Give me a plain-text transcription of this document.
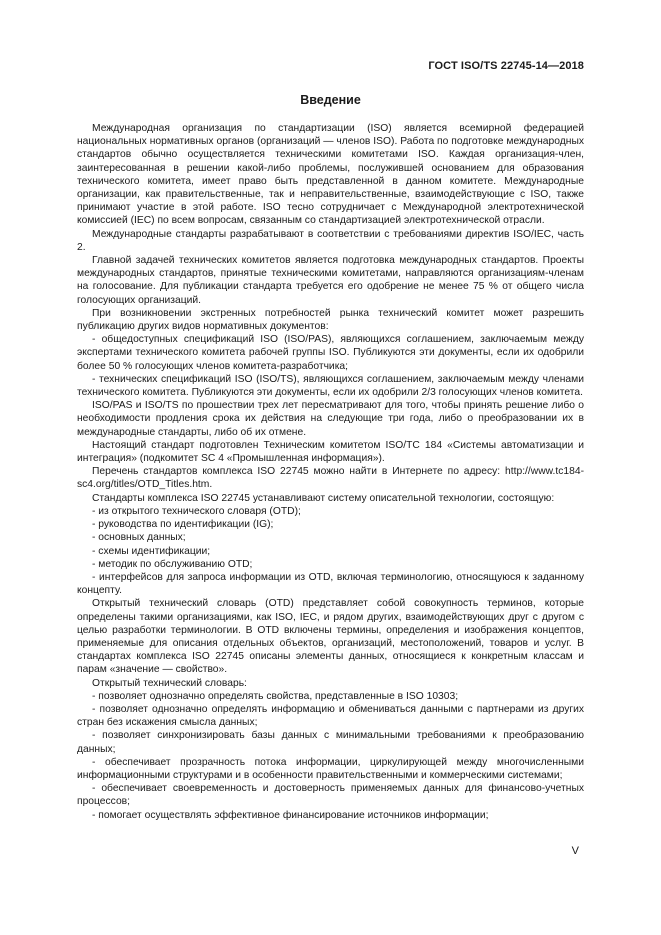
ГОСТ ISO/TS 22745-14—2018
Введение

Международная организация по стандартизации (ISO) является всемирной федерацией национальных нормативных органов (организаций — членов ISO). Работа по подготовке международных стандартов обычно осуществляется техническими комитетами ISO. Каждая организация-член, заинтересованная в решении какой-либо проблемы, послужившей основанием для образования технического комитета, имеет право быть представленной в данном комитете. Международные организации, как правительственные, так и неправительственные, взаимодействующие с ISO, также принимают участие в этой работе. ISO тесно сотрудничает с Международной электротехнической комиссией (IEC) по всем вопросам, связанным со стандартизацией электротехнической отрасли.

Международные стандарты разрабатывают в соответствии с требованиями директив ISO/IEC, часть 2.

Главной задачей технических комитетов является подготовка международных стандартов. Проекты международных стандартов, принятые техническими комитетами, направляются организациям-членам на голосование. Для публикации стандарта требуется его одобрение не менее 75 % от общего числа голосующих организаций.

При возникновении экстренных потребностей рынка технический комитет может разрешить публикацию других видов нормативных документов:

- общедоступных спецификаций ISO (ISO/PAS), являющихся соглашением, заключаемым между экспертами технического комитета рабочей группы ISO. Публикуются эти документы, если их одобрили более 50 % голосующих членов комитета-разработчика;

- технических спецификаций ISO (ISO/TS), являющихся соглашением, заключаемым между членами технического комитета. Публикуются эти документы, если их одобрили 2/3 голосующих членов комитета.

ISO/PAS и ISO/TS по прошествии трех лет пересматривают для того, чтобы принять решение либо о необходимости продления срока их действия на следующие три года, либо о преобразовании их в международные стандарты, либо об их отмене.

Настоящий стандарт подготовлен Техническим комитетом ISO/TC 184 «Системы автоматизации и интеграция» (подкомитет SC 4 «Промышленная информация»).

Перечень стандартов комплекса ISO 22745 можно найти в Интернете по адресу: http://www.tc184-sc4.org/titles/OTD_Titles.htm.

Стандарты комплекса ISO 22745 устанавливают систему описательной технологии, состоящую:

- из открытого технического словаря (OTD);

- руководства по идентификации (IG);

- основных данных;

- схемы идентификации;

- методик по обслуживанию OTD;

- интерфейсов для запроса информации из OTD, включая терминологию, относящуюся к заданному концепту.

Открытый технический словарь (OTD) представляет собой совокупность терминов, которые определены такими организациями, как ISO, IEC, и рядом других, взаимодействующих друг с другом с целью разработки терминологии. В OTD включены термины, определения и изображения концептов, применяемые для описания отдельных объектов, организаций, местоположений, товаров и услуг. В стандартах комплекса ISO 22745 описаны элементы данных, относящиеся к конкретным классам и парам «значение — свойство».

Открытый технический словарь:

- позволяет однозначно определять свойства, представленные в ISO 10303;

- позволяет однозначно определять информацию и обмениваться данными с партнерами из других стран без искажения смысла данных;

- позволяет синхронизировать базы данных с минимальными требованиями к преобразованию данных;

- обеспечивает прозрачность потока информации, циркулирующей между многочисленными информационными структурами и в особенности правительственными и коммерческими системами;

- обеспечивает своевременность и достоверность применяемых данных для финансово-учетных процессов;

- помогает осуществлять эффективное финансирование источников информации;

V
